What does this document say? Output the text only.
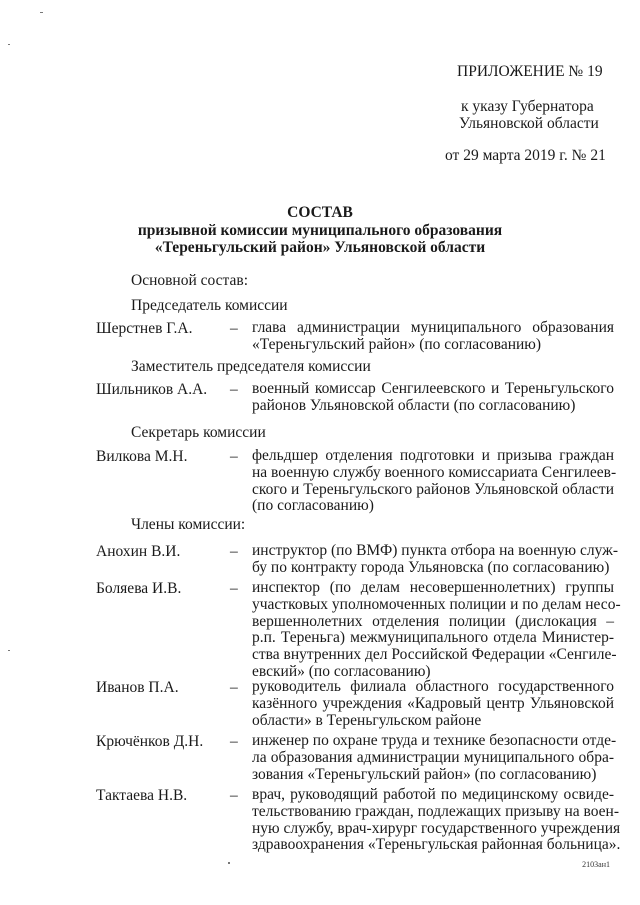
ПРИЛОЖЕНИЕ № 19
к указу Губернатора
Ульяновской области
от 29 марта 2019 г. № 21
СОСТАВ
призывной комиссии муниципального образования
«Тереньгульский район» Ульяновской области
Основной состав:
Председатель комиссии
Шерстнев Г.А. – глава администрации муниципального образования
«Тереньгульский район» (по согласованию)
Заместитель председателя комиссии
Шильников А.А. – военный комиссар Сенгилеевского и Тереньгульского
районов Ульяновской области (по согласованию)
Секретарь комиссии
Вилкова М.Н.	– фельдшер отделения подготовки и призыва граждан
на военную службу военного комиссариата Сенгилеев-
ского и Тереньгульского районов Ульяновской области
(по согласованию)
Члены комиссии:
Анохин В.И.	– инструктор (по ВМФ) пункта отбора на военную служ-
бу по контракту города Ульяновска (по согласованию)
Боляева И.В.	– инспектор (по делам несовершеннолетних) группы
участковых уполномоченных полиции и по делам несо-
вершеннолетних отделения полиции (дислокация –
р.п. Тереньга) межмуниципального отдела Министер-
ства внутренних дел Российской Федерации «Сенгиле-
евский» (по согласованию)
Иванов П.А.	– руководитель филиала областного государственного
казённого учреждения «Кадровый центр Ульяновской
области» в Тереньгульском районе
Крючёнков Д.Н. – инженер по охране труда и технике безопасности отде-
ла образования администрации муниципального обра-
зования «Тереньгульский район» (по согласованию)
Тактаева Н.В.	– врач, руководящий работой по медицинскому освиде-
тельствованию граждан, подлежащих призыву на воен-
ную службу, врач-хирург государственного учреждения
здравоохранения «Тереньгульская районная больница».
2103ан1
